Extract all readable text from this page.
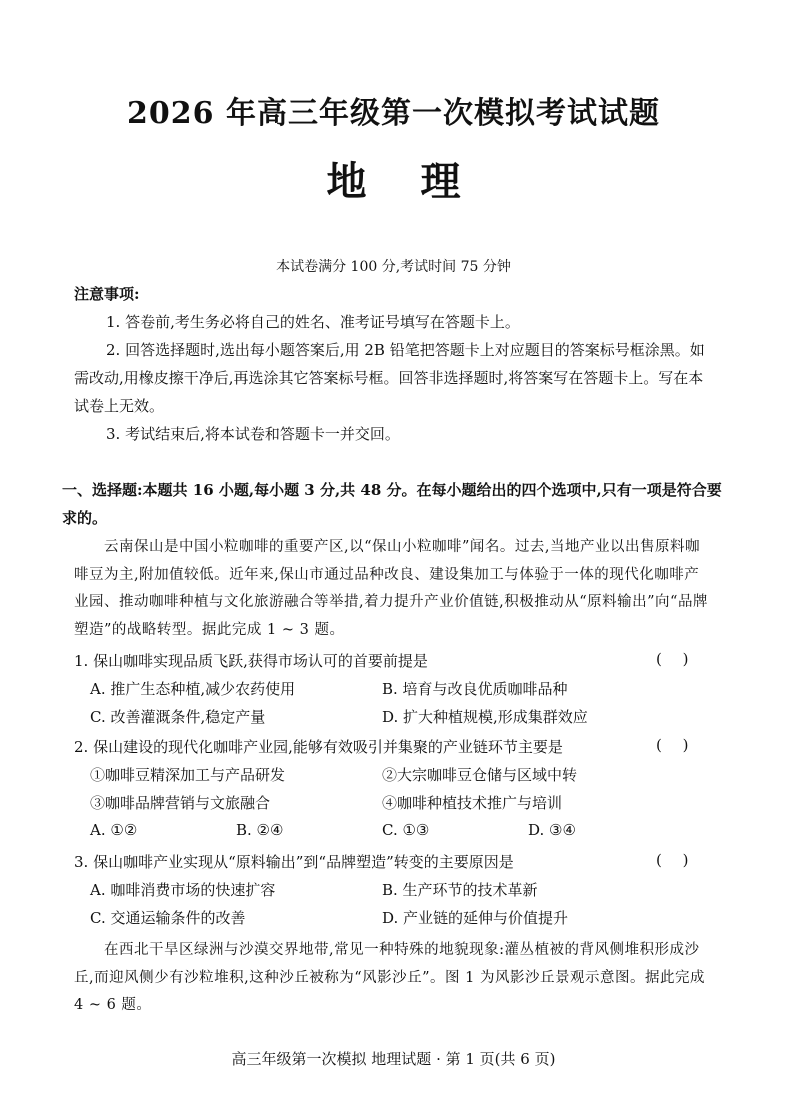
2026 年高三年级第一次模拟考试试题
地 理
本试卷满分 100 分,考试时间 75 分钟
注意事项:
1. 答卷前,考生务必将自己的姓名、准考证号填写在答题卡上。
2. 回答选择题时,选出每小题答案后,用 2B 铅笔把答题卡上对应题目的答案标号框涂黑。如需改动,用橡皮擦干净后,再选涂其它答案标号框。回答非选择题时,将答案写在答题卡上。写在本试卷上无效。
3. 考试结束后,将本试卷和答题卡一并交回。
一、选择题:本题共 16 小题,每小题 3 分,共 48 分。在每小题给出的四个选项中,只有一项是符合要求的。
云南保山是中国小粒咖啡的重要产区,以“保山小粒咖啡”闻名。过去,当地产业以出售原料咖啡豆为主,附加值较低。近年来,保山市通过品种改良、建设集加工与体验于一体的现代化咖啡产业园、推动咖啡种植与文化旅游融合等举措,着力提升产业价值链,积极推动从“原料输出”向“品牌塑造”的战略转型。据此完成 1 ~ 3 题。
1. 保山咖啡实现品质飞跃,获得市场认可的首要前提是	( )
A. 推广生态种植,减少农药使用	B. 培育与改良优质咖啡品种
C. 改善灌溉条件,稳定产量	D. 扩大种植规模,形成集群效应
2. 保山建设的现代化咖啡产业园,能够有效吸引并集聚的产业链环节主要是	( )
①咖啡豆精深加工与产品研发	②大宗咖啡豆仓储与区域中转
③咖啡品牌营销与文旅融合	④咖啡种植技术推广与培训
A. ①②	B. ②④	C. ①③	D. ③④
3. 保山咖啡产业实现从“原料输出”到“品牌塑造”转变的主要原因是	( )
A. 咖啡消费市场的快速扩容	B. 生产环节的技术革新
C. 交通运输条件的改善	D. 产业链的延伸与价值提升
在西北干旱区绿洲与沙漠交界地带,常见一种特殊的地貌现象:灌丛植被的背风侧堆积形成沙丘,而迎风侧少有沙粒堆积,这种沙丘被称为“风影沙丘”。图 1 为风影沙丘景观示意图。据此完成 4 ~ 6 题。
高三年级第一次模拟 地理试题 · 第 1 页(共 6 页)
